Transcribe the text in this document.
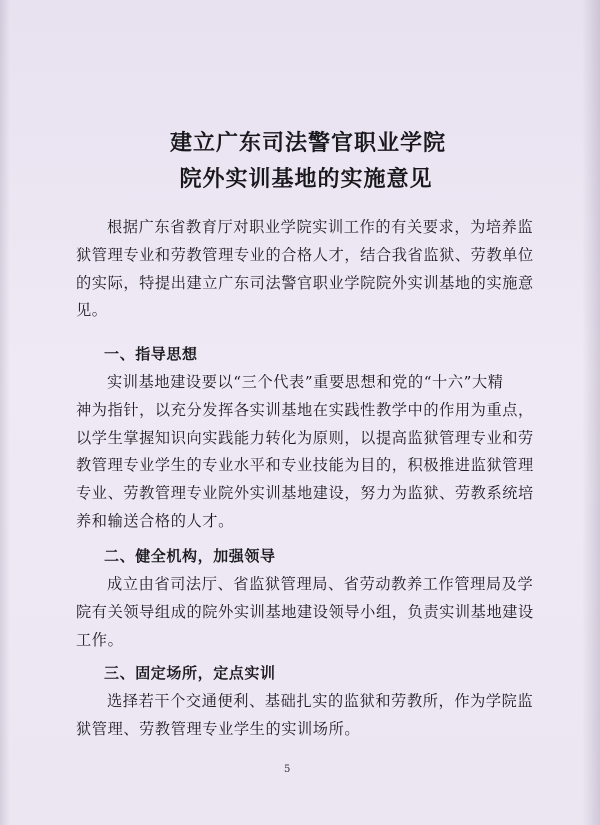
建立广东司法警官职业学院
院外实训基地的实施意见

根据广东省教育厅对职业学院实训工作的有关要求，为培养监
狱管理专业和劳教管理专业的合格人才，结合我省监狱、劳教单位
的实际，特提出建立广东司法警官职业学院院外实训基地的实施意
见。

一、指导思想

实训基地建设要以“三个代表”重要思想和党的“十六”大精
神为指针，以充分发挥各实训基地在实践性教学中的作用为重点，
以学生掌握知识向实践能力转化为原则，以提高监狱管理专业和劳
教管理专业学生的专业水平和专业技能为目的，积极推进监狱管理
专业、劳教管理专业院外实训基地建设，努力为监狱、劳教系统培
养和输送合格的人才。

二、健全机构，加强领导

成立由省司法厅、省监狱管理局、省劳动教养工作管理局及学
院有关领导组成的院外实训基地建设领导小组，负责实训基地建设
工作。

三、固定场所，定点实训

选择若干个交通便利、基础扎实的监狱和劳教所，作为学院监
狱管理、劳教管理专业学生的实训场所。

5
